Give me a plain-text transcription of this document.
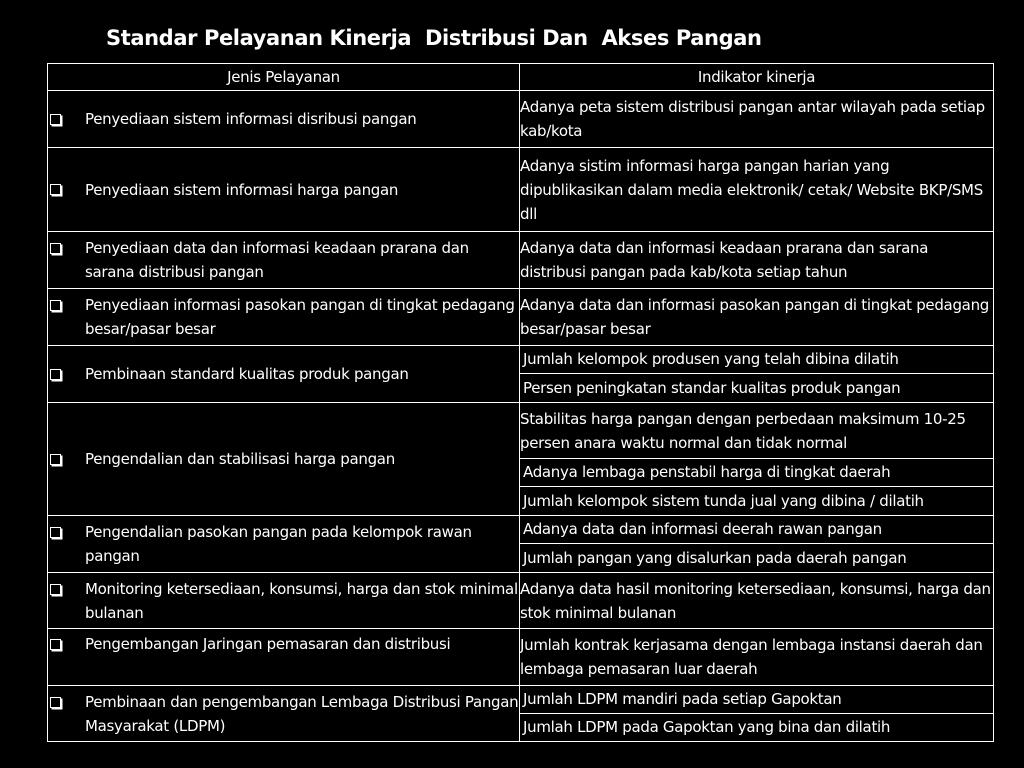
Standar Pelayanan Kinerja  Distribusi Dan  Akses Pangan
Jenis Pelayanan	Indikator kinerja

Penyediaan sistem informasi disribusi pangan	Adanya peta sistem distribusi pangan antar wilayah pada setiap kab/kota

Penyediaan sistem informasi harga pangan	Adanya sistim informasi harga pangan harian yang dipublikasikan dalam media elektronik/ cetak/ Website BKP/SMS dll

Penyediaan data dan informasi keadaan prarana dan sarana distribusi pangan	Adanya data dan informasi keadaan prarana dan sarana distribusi pangan pada kab/kota setiap tahun

Penyediaan informasi pasokan pangan di tingkat pedagang besar/pasar besar	Adanya data dan informasi pasokan pangan di tingkat pedagang besar/pasar besar

Pembinaan standard kualitas produk pangan	Jumlah kelompok produsen yang telah dibina dilatih
	Persen peningkatan standar kualitas produk pangan

Pengendalian dan stabilisasi harga pangan	Stabilitas harga pangan dengan perbedaan maksimum 10-25 persen anara waktu normal dan tidak normal
	Adanya lembaga penstabil harga di tingkat daerah
	Jumlah kelompok sistem tunda jual yang dibina / dilatih

Pengendalian pasokan pangan pada kelompok rawan pangan	Adanya data dan informasi deerah rawan pangan
	Jumlah pangan yang disalurkan pada daerah pangan

Monitoring ketersediaan, konsumsi, harga dan stok minimal bulanan	Adanya data hasil monitoring ketersediaan, konsumsi, harga dan stok minimal bulanan

Pengembangan Jaringan pemasaran dan distribusi	Jumlah kontrak kerjasama dengan lembaga instansi daerah dan lembaga pemasaran luar daerah

Pembinaan dan pengembangan Lembaga Distribusi Pangan Masyarakat (LDPM)	Jumlah LDPM mandiri pada setiap Gapoktan
	Jumlah LDPM pada Gapoktan yang bina dan dilatih
